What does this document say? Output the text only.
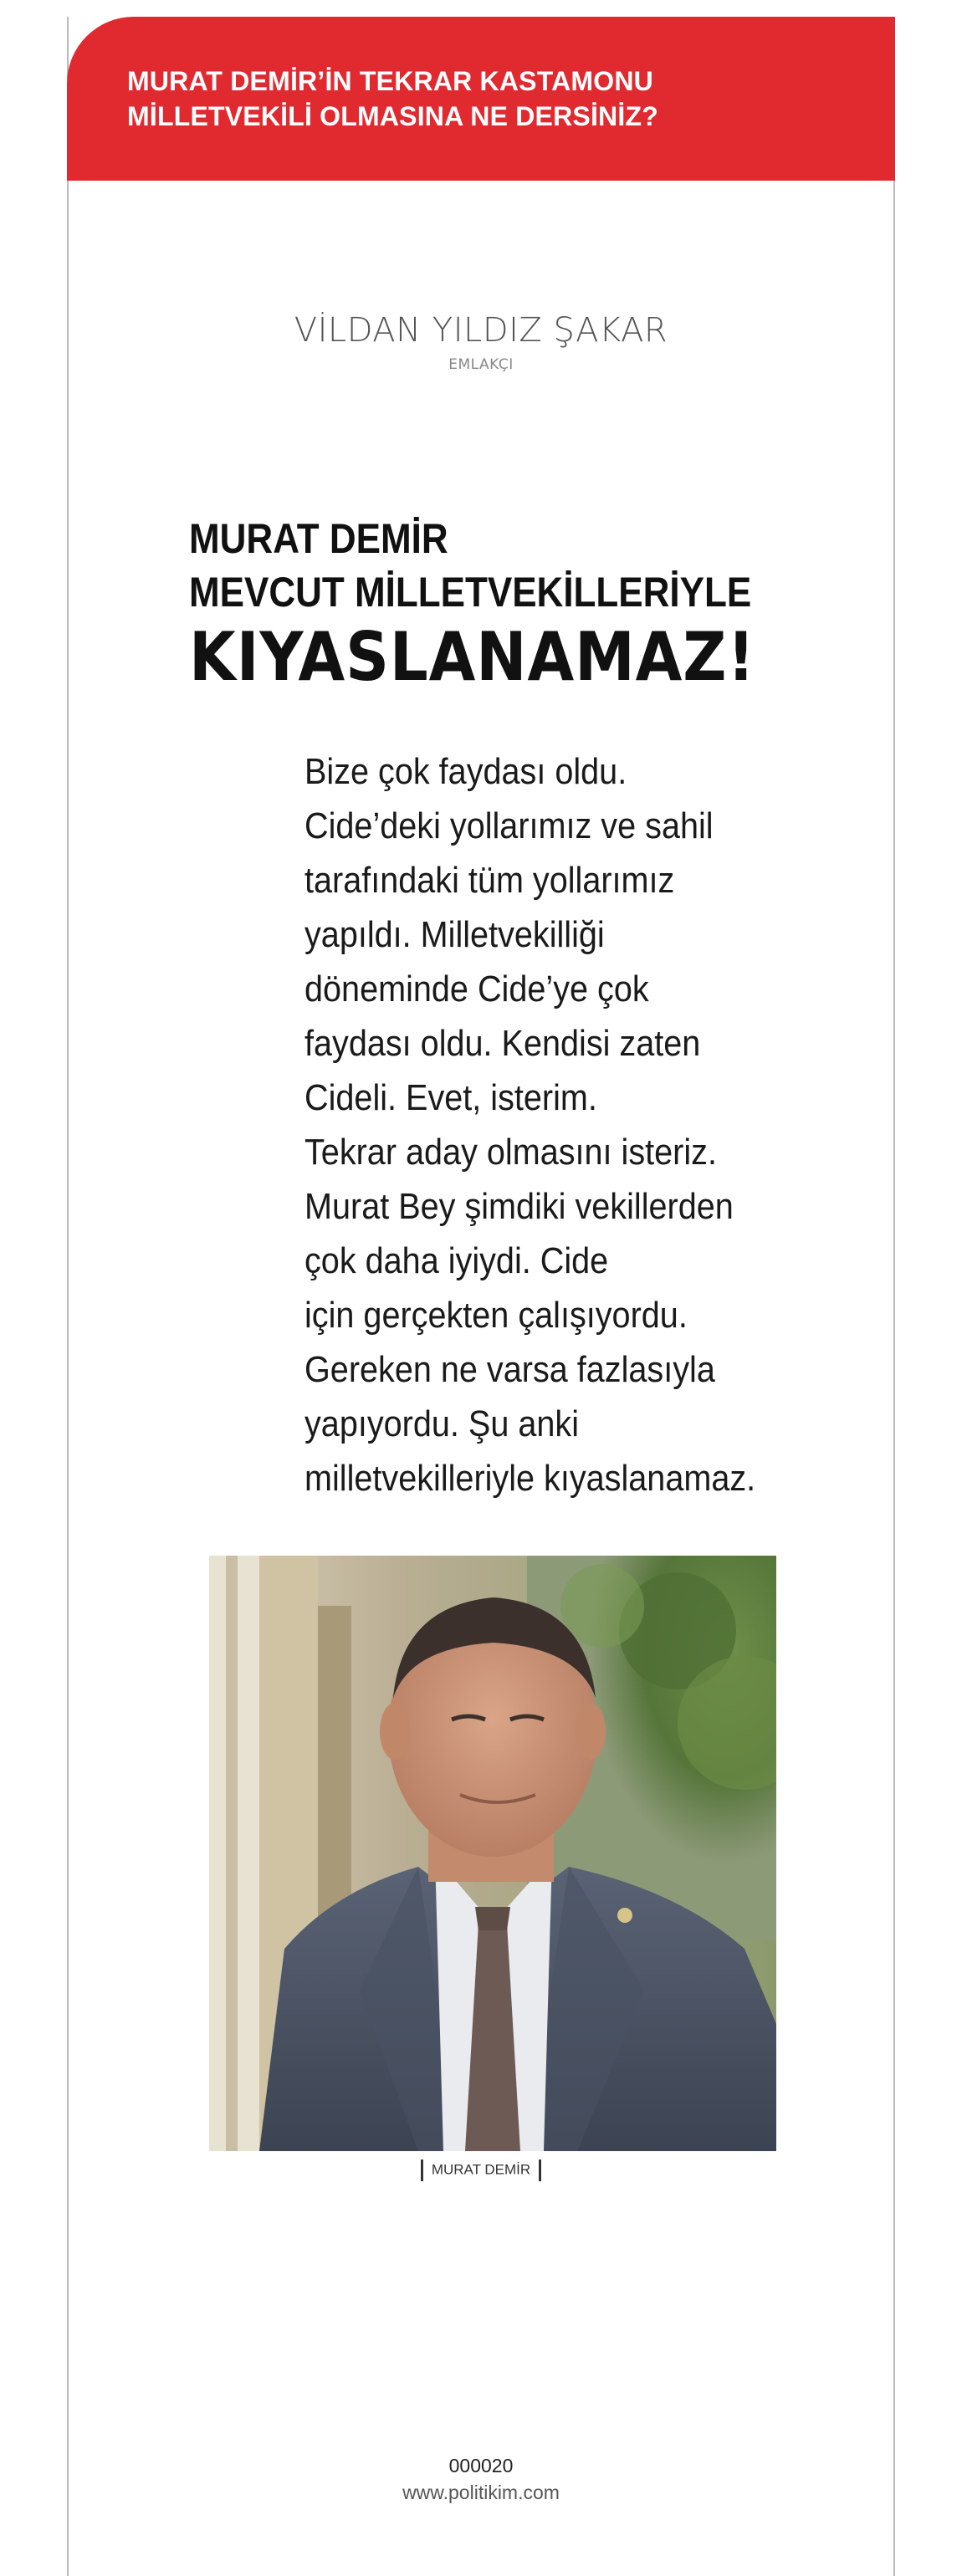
MURAT DEMİR’İN TEKRAR KASTAMONU
MİLLETVEKİLİ OLMASINA NE DERSİNİZ?
VİLDAN YILDIZ ŞAKAR
EMLAKÇI
MURAT DEMİR
MEVCUT MİLLETVEKİLLERİYLE
KIYASLANAMAZ!
Bize çok faydası oldu.
Cide’deki yollarımız ve sahil
tarafındaki tüm yollarımız
yapıldı. Milletvekilliği
döneminde Cide’ye çok
faydası oldu. Kendisi zaten
Cideli. Evet, isterim.
Tekrar aday olmasını isteriz.
Murat Bey şimdiki vekillerden
çok daha iyiydi. Cide
için gerçekten çalışıyordu.
Gereken ne varsa fazlasıyla
yapıyordu. Şu anki
milletvekilleriyle kıyaslanamaz.
MURAT DEMİR
000020
www.politikim.com
